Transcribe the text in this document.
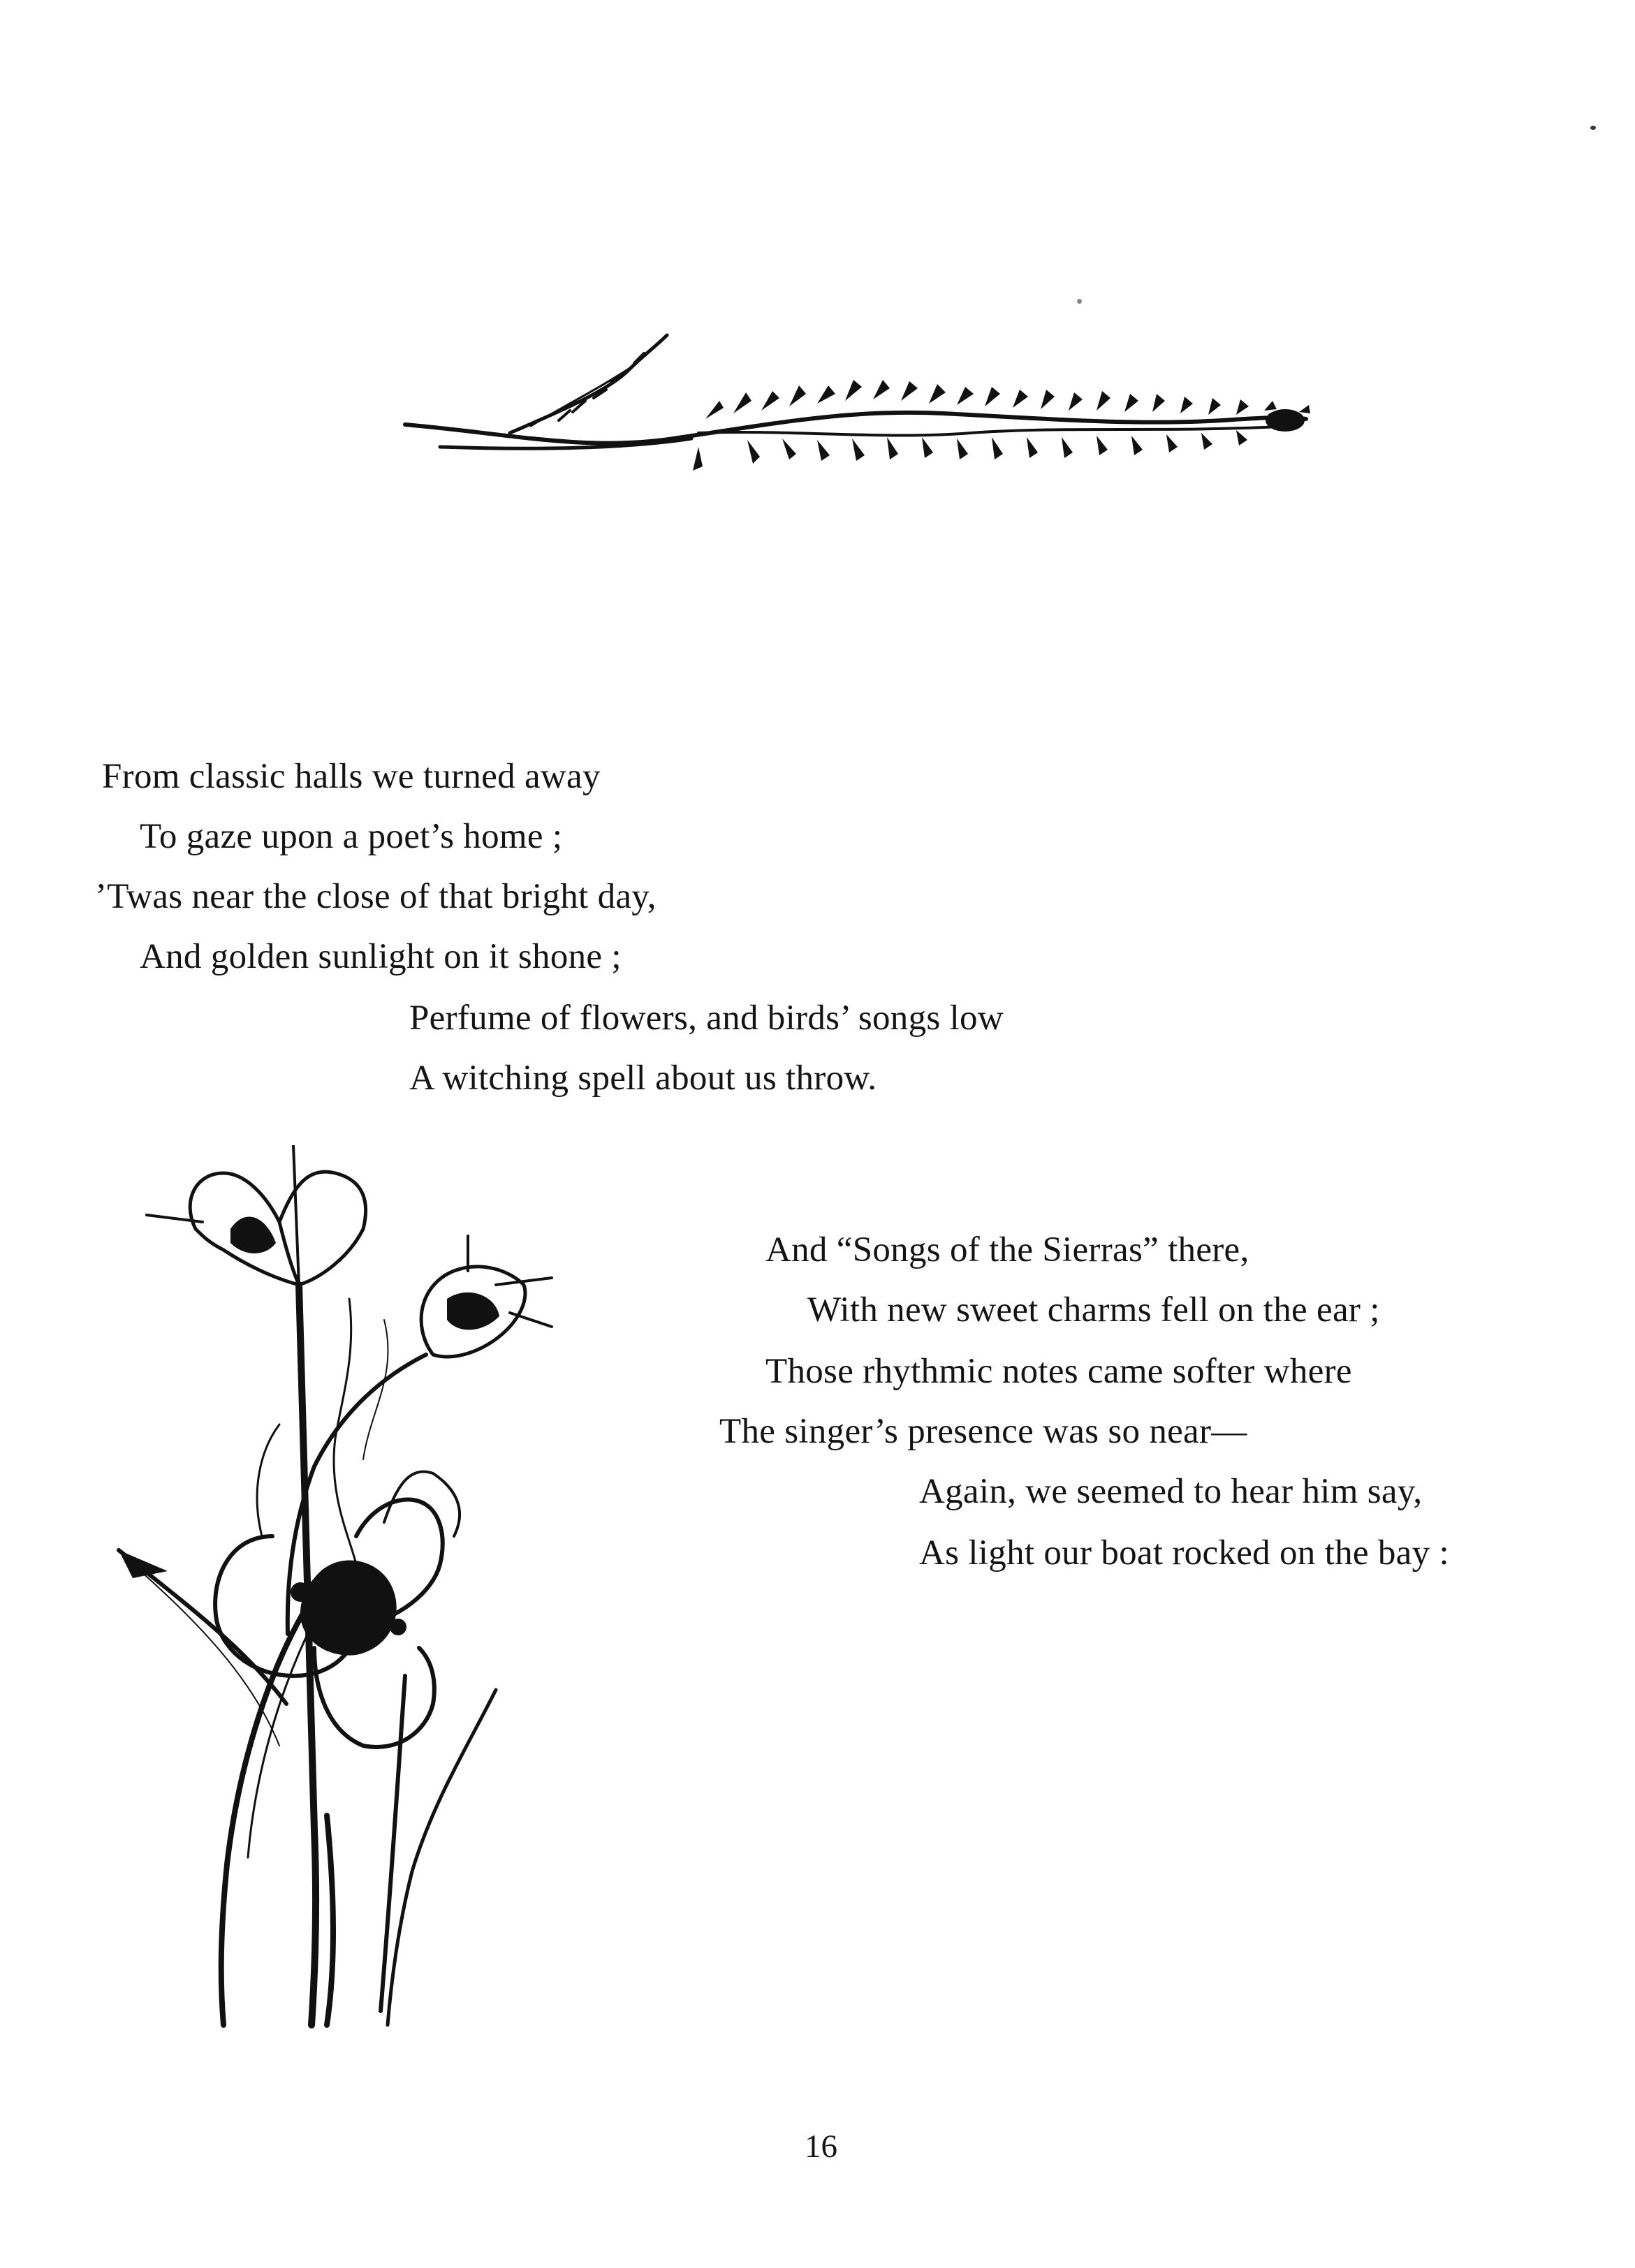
From classic halls we turned away

To gaze upon a poet’s home ;

’Twas near the close of that bright day,

And golden sunlight on it shone ;

Perfume of flowers, and birds’ songs low

A witching spell about us throw.

And “Songs of the Sierras” there,

With new sweet charms fell on the ear ;

Those rhythmic notes came softer where

The singer’s presence was so near—

Again, we seemed to hear him say,

As light our boat rocked on the bay :

16
